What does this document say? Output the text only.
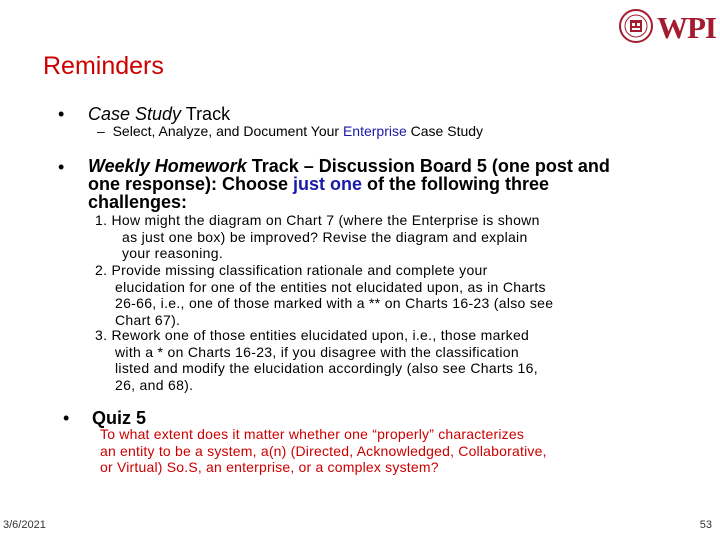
WPI
Reminders
• Case Study Track
– Select, Analyze, and Document Your Enterprise Case Study
• Weekly Homework Track – Discussion Board 5 (one post and
one response): Choose just one of the following three
challenges:
1. How might the diagram on Chart 7 (where the Enterprise is shown
as just one box) be improved? Revise the diagram and explain
your reasoning.
2. Provide missing classification rationale and complete your
elucidation for one of the entities not elucidated upon, as in Charts
26-66, i.e., one of those marked with a ** on Charts 16-23 (also see
Chart 67).
3. Rework one of those entities elucidated upon, i.e., those marked
with a * on Charts 16-23, if you disagree with the classification
listed and modify the elucidation accordingly (also see Charts 16,
26, and 68).
• Quiz 5
To what extent does it matter whether one “properly” characterizes
an entity to be a system, a(n) (Directed, Acknowledged, Collaborative,
or Virtual) So.S, an enterprise, or a complex system?
3/6/2021	53
